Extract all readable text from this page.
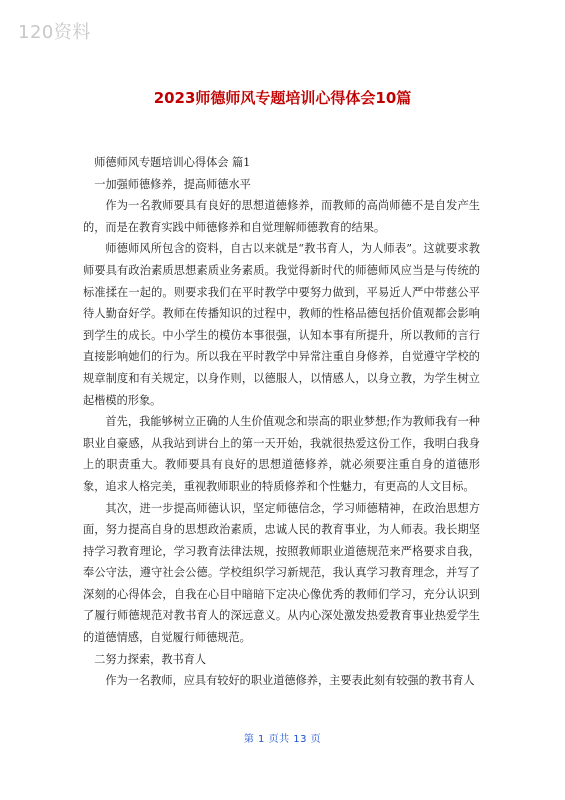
120资料
2023师德师风专题培训心得体会10篇

师德师风专题培训心得体会 篇1

一加强师德修养，提高师德水平

作为一名教师要具有良好的思想道德修养，而教师的高尚师德不是自发产生的，而是在教育实践中师德修养和自觉理解师德教育的结果。

师德师风所包含的资料，自古以来就是“教书育人，为人师表”。这就要求教师要具有政治素质思想素质业务素质。我觉得新时代的师德师风应当是与传统的标准揉在一起的。则要求我们在平时教学中要努力做到，平易近人严中带慈公平待人勤奋好学。教师在传播知识的过程中，教师的性格品德包括价值观都会影响到学生的成长。中小学生的模仿本事很强，认知本事有所提升，所以教师的言行直接影响她们的行为。所以我在平时教学中异常注重自身修养，自觉遵守学校的规章制度和有关规定，以身作则，以德服人，以情感人，以身立教，为学生树立起楷模的形象。

首先，我能够树立正确的人生价值观念和崇高的职业梦想;作为教师我有一种职业自豪感，从我站到讲台上的第一天开始，我就很热爱这份工作，我明白我身上的职责重大。教师要具有良好的思想道德修养，就必须要注重自身的道德形象，追求人格完美，重视教师职业的特质修养和个性魅力，有更高的人文目标。

其次，进一步提高师德认识，坚定师德信念，学习师德精神，在政治思想方面，努力提高自身的思想政治素质，忠诚人民的教育事业，为人师表。我长期坚持学习教育理论，学习教育法律法规，按照教师职业道德规范来严格要求自我，奉公守法，遵守社会公德。学校组织学习新规范，我认真学习教育理念，并写了深刻的心得体会，自我在心目中暗暗下定决心像优秀的教师们学习，充分认识到了履行师德规范对教书育人的深远意义。从内心深处激发热爱教育事业热爱学生的道德情感，自觉履行师德规范。

二努力探索，教书育人

作为一名教师，应具有较好的职业道德修养，主要表此刻有较强的教书育人

第 1 页共 13 页
